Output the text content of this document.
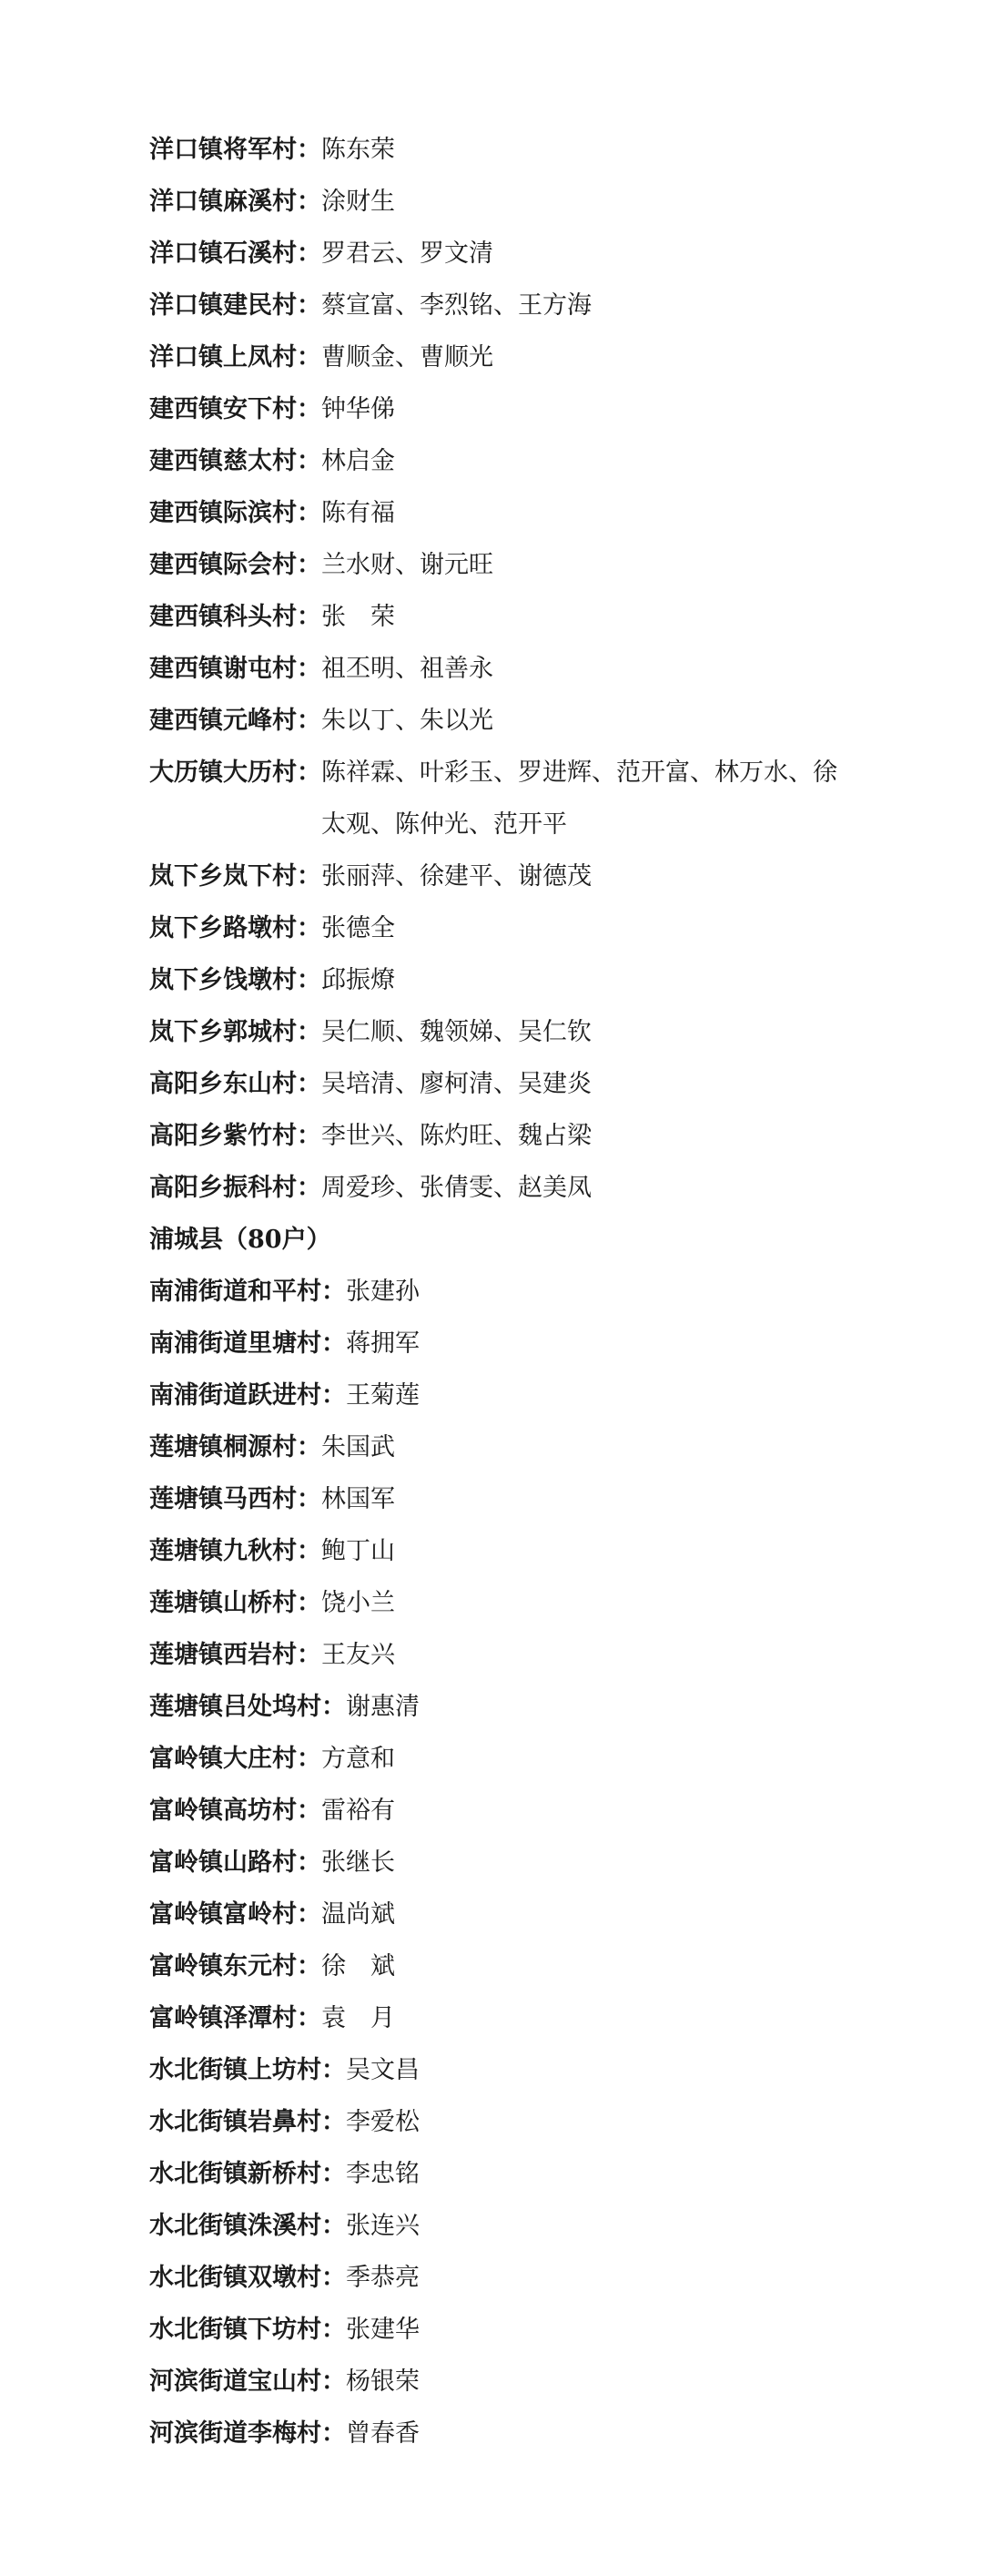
洋口镇将军村： 陈东荣
洋口镇麻溪村： 涂财生
洋口镇石溪村： 罗君云、罗文清
洋口镇建民村： 蔡宣富、李烈铭、王方海
洋口镇上凤村： 曹顺金、曹顺光
建西镇安下村： 钟华俤
建西镇慈太村： 林启金
建西镇际滨村： 陈有福
建西镇际会村： 兰水财、谢元旺
建西镇科头村： 张　荣
建西镇谢屯村： 祖丕明、祖善永
建西镇元峰村： 朱以丁、朱以光
大历镇大历村： 陈祥霖、叶彩玉、罗进辉、范开富、林万水、徐太观、陈仲光、范开平
岚下乡岚下村： 张丽萍、徐建平、谢德茂
岚下乡路墩村： 张德全
岚下乡饯墩村： 邱振燎
岚下乡郭城村： 吴仁顺、魏领娣、吴仁钦
高阳乡东山村： 吴培清、廖柯清、吴建炎
高阳乡紫竹村： 李世兴、陈灼旺、魏占梁
高阳乡振科村： 周爱珍、张倩雯、赵美凤
浦城县（80户）
南浦街道和平村： 张建孙
南浦街道里塘村： 蒋拥军
南浦街道跃进村： 王菊莲
莲塘镇桐源村： 朱国武
莲塘镇马西村： 林国军
莲塘镇九秋村： 鲍丁山
莲塘镇山桥村： 饶小兰
莲塘镇西岩村： 王友兴
莲塘镇吕处坞村： 谢惠清
富岭镇大庄村： 方意和
富岭镇高坊村： 雷裕有
富岭镇山路村： 张继长
富岭镇富岭村： 温尚斌
富岭镇东元村： 徐　斌
富岭镇泽潭村： 袁　月
水北街镇上坊村： 吴文昌
水北街镇岩鼻村： 李爱松
水北街镇新桥村： 李忠铭
水北街镇洙溪村： 张连兴
水北街镇双墩村： 季恭亮
水北街镇下坊村： 张建华
河滨街道宝山村： 杨银荣
河滨街道李梅村： 曾春香
